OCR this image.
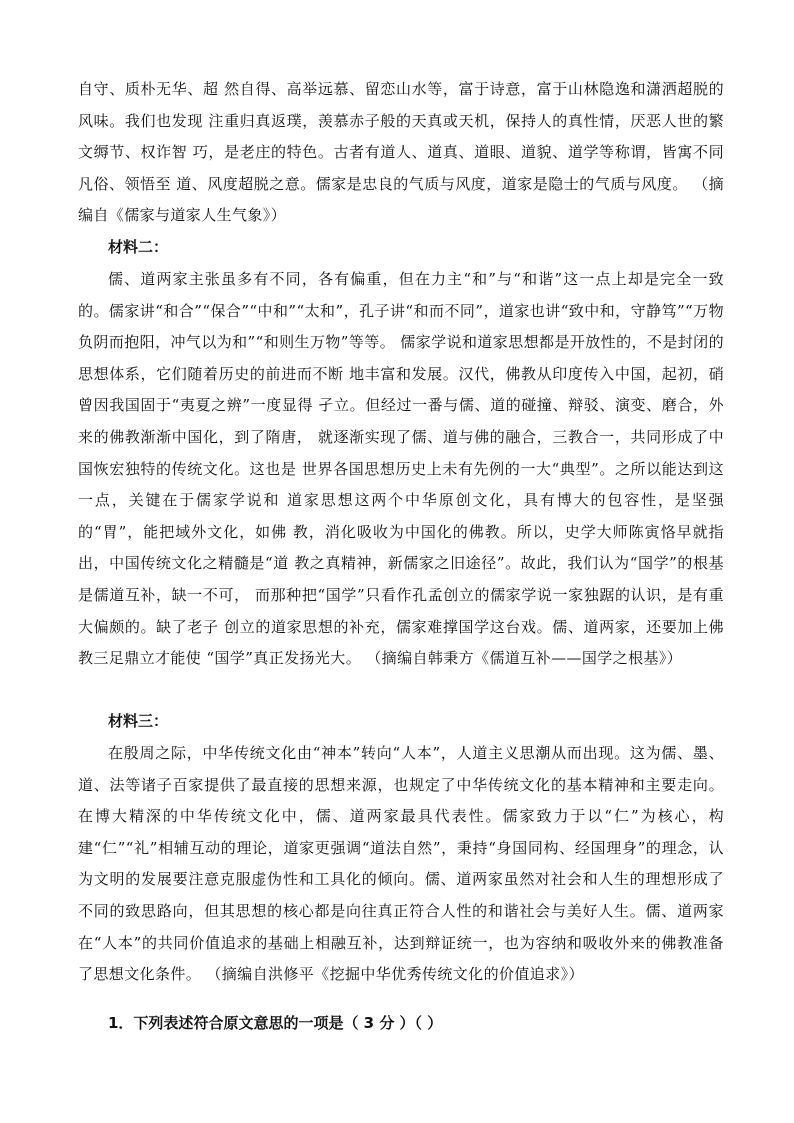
自守、质朴无华、超 然自得、高举远慕、留恋山水等，富于诗意，富于山林隐逸和潇洒超脱的风味。我们也发现 注重归真返璞，羡慕赤子般的天真或天机，保持人的真性情，厌恶人世的繁文缛节、权诈智 巧，是老庄的特色。古者有道人、道真、道眼、道貌、道学等称谓，皆寓不同凡俗、领悟至 道、风度超脱之意。儒家是忠良的气质与风度，道家是隐士的气质与风度。 （摘编自《儒家与道家人生气象》）

材料二：

儒、道两家主张虽多有不同，各有偏重，但在力主“和”与“和谐”这一点上却是完全一致的。儒家讲“和合”“保合”“中和”“太和”，孔子讲“和而不同”，道家也讲“致中和，守静笃”“万物负阴而抱阳，冲气以为和”“和则生万物”等等。 儒家学说和道家思想都是开放性的，不是封闭的思想体系，它们随着历史的前进而不断 地丰富和发展。汉代，佛教从印度传入中国，起初，硝曾因我国固于“夷夏之辨”一度显得 孑立。但经过一番与儒、道的碰撞、辩驳、演变、磨合，外来的佛教渐渐中国化，到了隋唐， 就逐渐实现了儒、道与佛的融合，三教合一，共同形成了中国恢宏独特的传统文化。这也是 世界各国思想历史上未有先例的一大“典型”。之所以能达到这一点，关键在于儒家学说和 道家思想这两个中华原创文化，具有博大的包容性，是坚强的“胃”，能把域外文化，如佛 教，消化吸收为中国化的佛教。所以，史学大师陈寅恪早就指出，中国传统文化之精髓是“道 教之真精神，新儒家之旧途径”。故此，我们认为“国学”的根基是儒道互补，缺一不可， 而那种把“国学”只看作孔孟创立的儒家学说一家独踞的认识，是有重大偏颇的。缺了老子 创立的道家思想的补充，儒家难撑国学这台戏。儒、道两家，还要加上佛教三足鼎立才能使 “国学”真正发扬光大。 （摘编自韩秉方《儒道互补——国学之根基》）

材料三：

在殷周之际，中华传统文化由“神本”转向“人本”，人道主义思潮从而出现。这为儒、墨、道、法等诸子百家提供了最直接的思想来源，也规定了中华传统文化的基本精神和主要走向。在博大精深的中华传统文化中，儒、道两家最具代表性。儒家致力于以“仁”为核心，构建“仁”“礼”相辅互动的理论，道家更强调“道法自然”，秉持“身国同构、经国理身”的理念，认为文明的发展要注意克服虚伪性和工具化的倾向。儒、道两家虽然对社会和人生的理想形成了不同的致思路向，但其思想的核心都是向往真正符合人性的和谐社会与美好人生。儒、道两家在“人本”的共同价值追求的基础上相融互补，达到辩证统一，也为容纳和吸收外来的佛教准备了思想文化条件。 （摘编自洪修平《挖掘中华优秀传统文化的价值追求》）

1．下列表述符合原文意思的一项是（ 3 分 ）（ ）
